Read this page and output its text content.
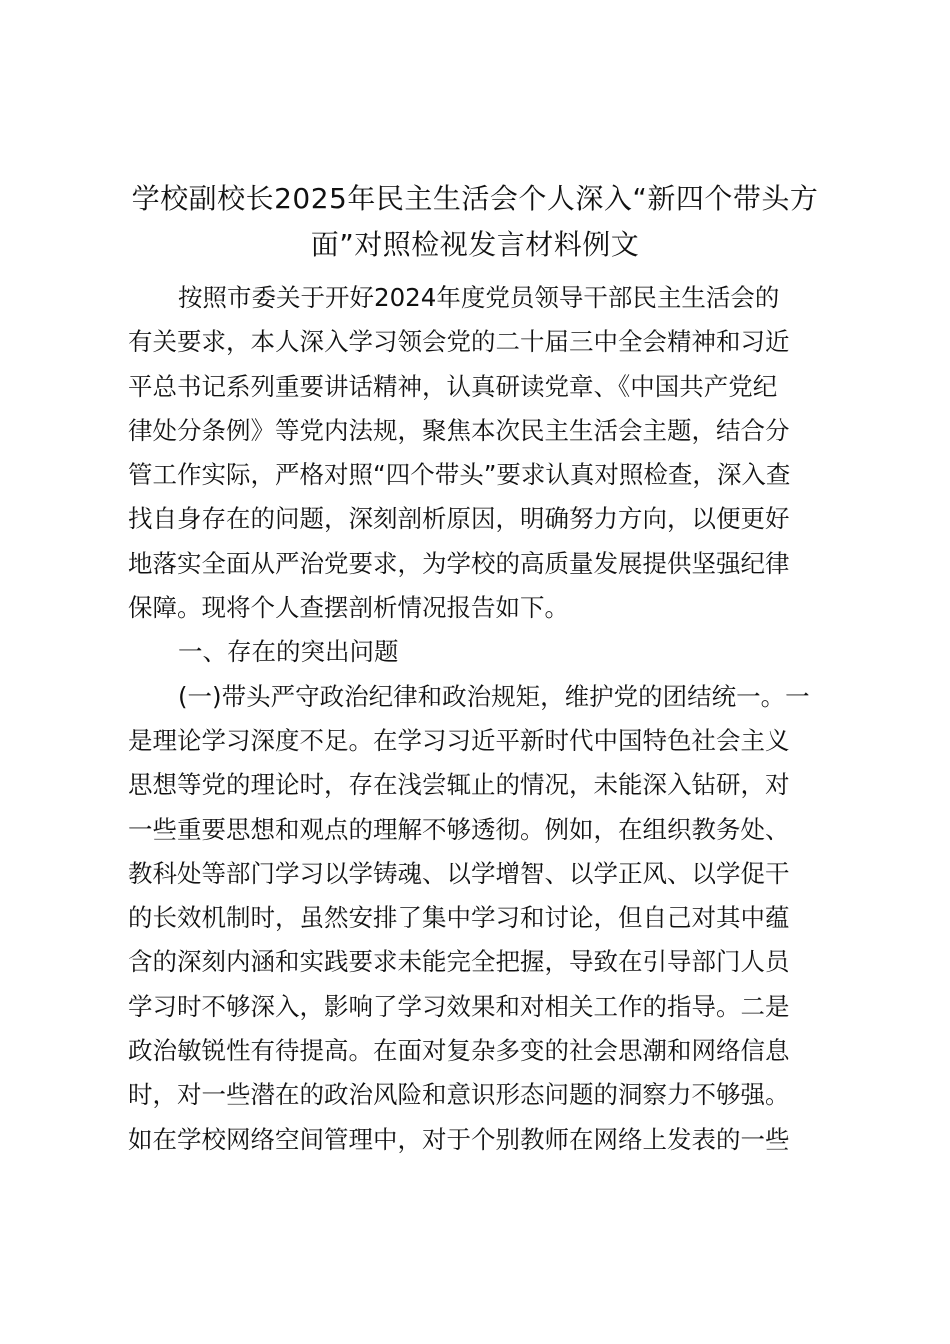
学校副校长2025年民主生活会个人深入“新四个带头方
面”对照检视发言材料例文

按照市委关于开好2024年度党员领导干部民主生活会的
有关要求，本人深入学习领会党的二十届三中全会精神和习近
平总书记系列重要讲话精神，认真研读党章、《中国共产党纪
律处分条例》等党内法规，聚焦本次民主生活会主题，结合分
管工作实际，严格对照“四个带头”要求认真对照检查，深入查
找自身存在的问题，深刻剖析原因，明确努力方向，以便更好
地落实全面从严治党要求，为学校的高质量发展提供坚强纪律
保障。现将个人查摆剖析情况报告如下。

一、存在的突出问题

(一)带头严守政治纪律和政治规矩，维护党的团结统一。一
是理论学习深度不足。在学习习近平新时代中国特色社会主义
思想等党的理论时，存在浅尝辄止的情况，未能深入钻研，对
一些重要思想和观点的理解不够透彻。例如，在组织教务处、
教科处等部门学习以学铸魂、以学增智、以学正风、以学促干
的长效机制时，虽然安排了集中学习和讨论，但自己对其中蕴
含的深刻内涵和实践要求未能完全把握，导致在引导部门人员
学习时不够深入，影响了学习效果和对相关工作的指导。二是
政治敏锐性有待提高。在面对复杂多变的社会思潮和网络信息
时，对一些潜在的政治风险和意识形态问题的洞察力不够强。
如在学校网络空间管理中，对于个别教师在网络上发表的一些
